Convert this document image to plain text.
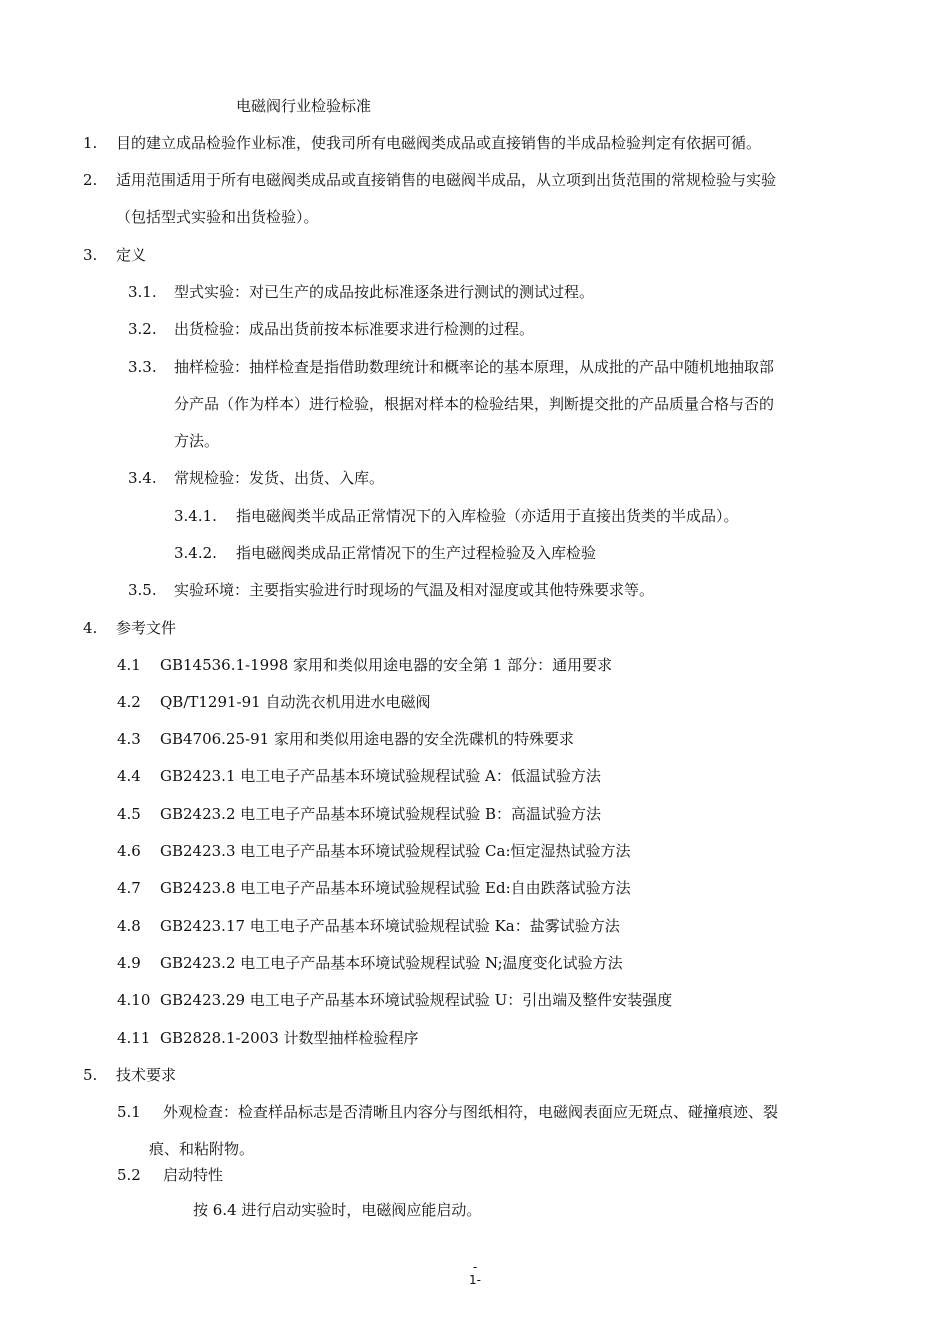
电磁阀行业检验标准
1. 目的建立成品检验作业标准，使我司所有电磁阀类成品或直接销售的半成品检验判定有依据可循。
2. 适用范围适用于所有电磁阀类成品或直接销售的电磁阀半成品，从立项到出货范围的常规检验与实验
（包括型式实验和出货检验）。
3. 定义
3.1. 型式实验：对已生产的成品按此标准逐条进行测试的测试过程。
3.2. 出货检验：成品出货前按本标准要求进行检测的过程。
3.3. 抽样检验：抽样检查是指借助数理统计和概率论的基本原理，从成批的产品中随机地抽取部
分产品（作为样本）进行检验，根据对样本的检验结果，判断提交批的产品质量合格与否的
方法。
3.4. 常规检验：发货、出货、入库。
3.4.1. 指电磁阀类半成品正常情况下的入库检验（亦适用于直接出货类的半成品）。
3.4.2. 指电磁阀类成品正常情况下的生产过程检验及入库检验
3.5. 实验环境：主要指实验进行时现场的气温及相对湿度或其他特殊要求等。
4. 参考文件
4.1 GB14536.1-1998 家用和类似用途电器的安全第 1 部分：通用要求
4.2 QB/T1291-91 自动洗衣机用进水电磁阀
4.3 GB4706.25-91 家用和类似用途电器的安全洗碟机的特殊要求
4.4 GB2423.1 电工电子产品基本环境试验规程试验 A：低温试验方法
4.5 GB2423.2 电工电子产品基本环境试验规程试验 B：高温试验方法
4.6 GB2423.3 电工电子产品基本环境试验规程试验 Ca:恒定湿热试验方法
4.7 GB2423.8 电工电子产品基本环境试验规程试验 Ed:自由跌落试验方法
4.8 GB2423.17 电工电子产品基本环境试验规程试验 Ka：盐雾试验方法
4.9 GB2423.2 电工电子产品基本环境试验规程试验 N;温度变化试验方法
4.10 GB2423.29 电工电子产品基本环境试验规程试验 U：引出端及整件安装强度
4.11 GB2828.1-2003 计数型抽样检验程序
5. 技术要求
5.1 外观检查：检查样品标志是否清晰且内容分与图纸相符，电磁阀表面应无斑点、碰撞痕迹、裂
痕、和粘附物。
5.2 启动特性
按 6.4 进行启动实验时，电磁阀应能启动。
-
1-
